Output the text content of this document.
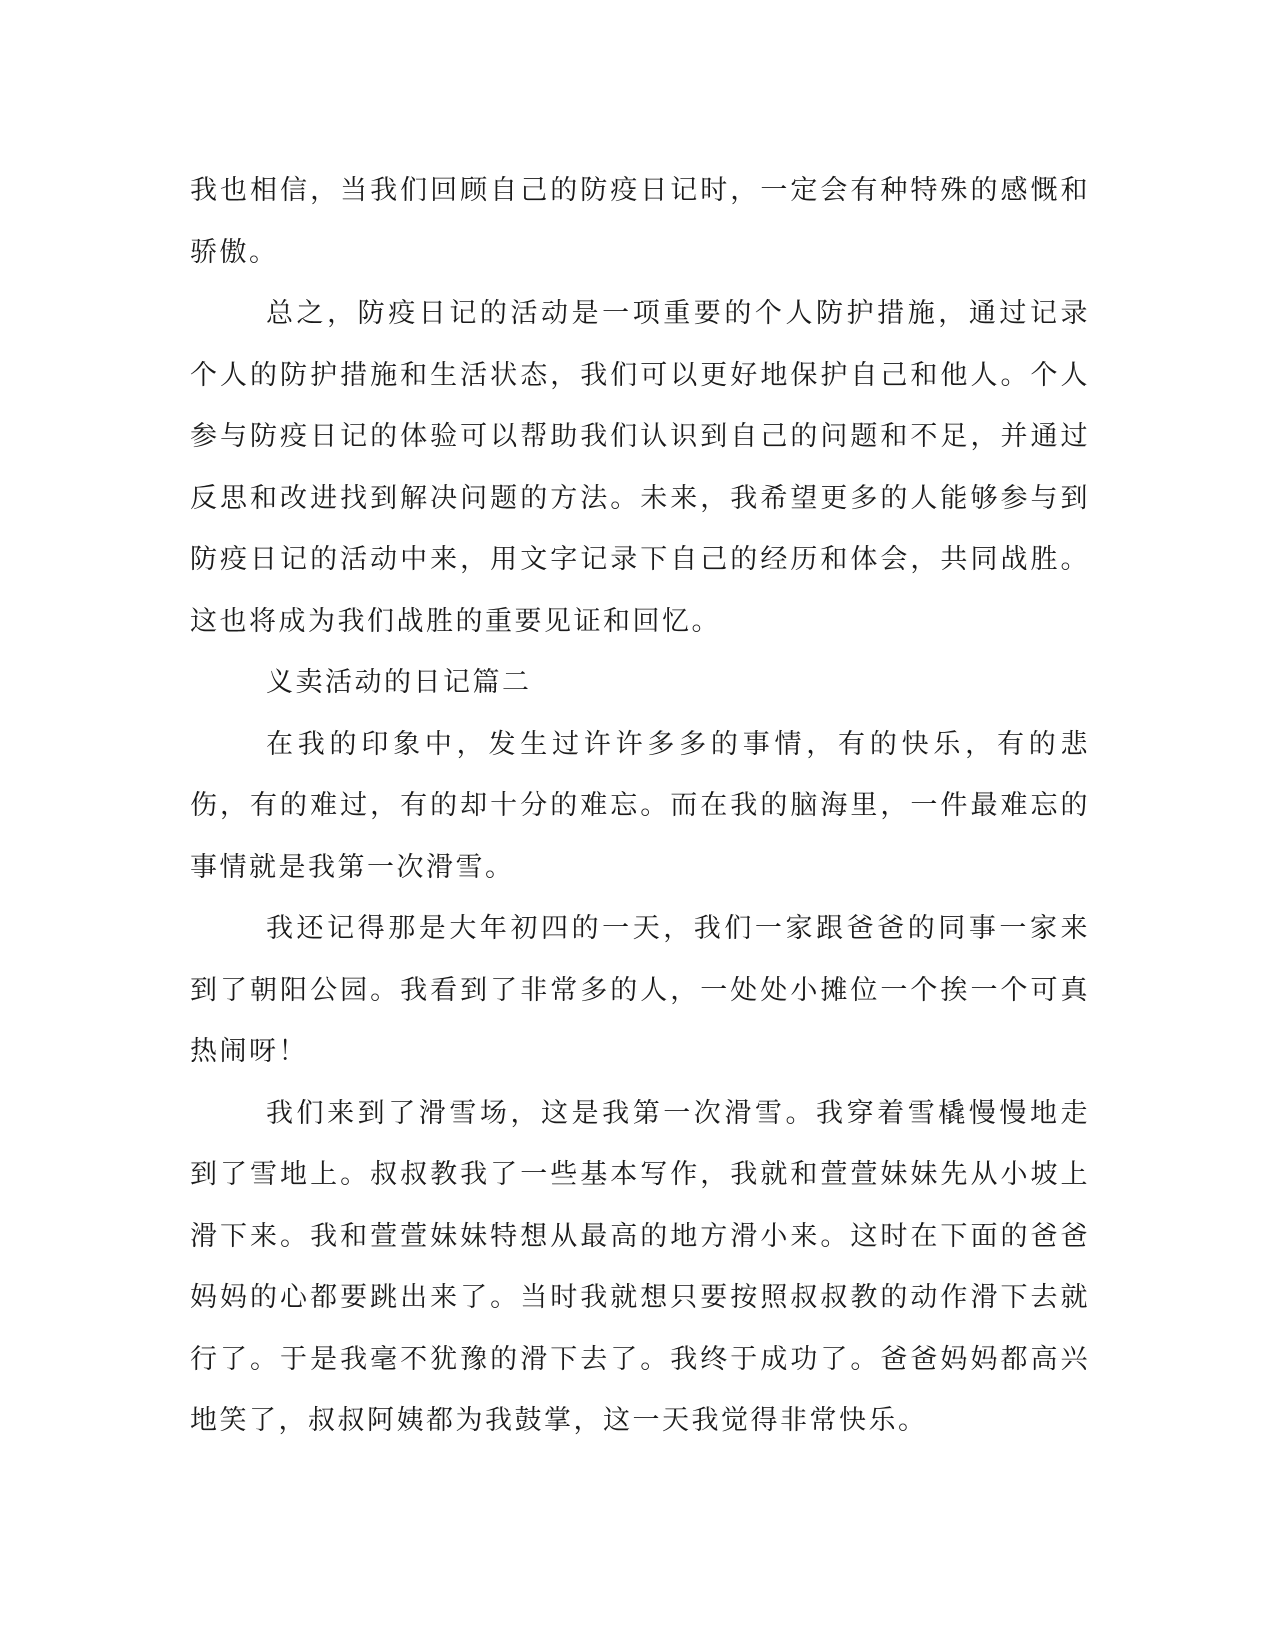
我也相信，当我们回顾自己的防疫日记时，一定会有种特殊的感慨和骄傲。

总之，防疫日记的活动是一项重要的个人防护措施，通过记录个人的防护措施和生活状态，我们可以更好地保护自己和他人。个人参与防疫日记的体验可以帮助我们认识到自己的问题和不足，并通过反思和改进找到解决问题的方法。未来，我希望更多的人能够参与到防疫日记的活动中来，用文字记录下自己的经历和体会，共同战胜。这也将成为我们战胜的重要见证和回忆。

义卖活动的日记篇二

在我的印象中，发生过许许多多的事情，有的快乐，有的悲伤，有的难过，有的却十分的难忘。而在我的脑海里，一件最难忘的事情就是我第一次滑雪。

我还记得那是大年初四的一天，我们一家跟爸爸的同事一家来到了朝阳公园。我看到了非常多的人，一处处小摊位一个挨一个可真热闹呀！

我们来到了滑雪场，这是我第一次滑雪。我穿着雪橇慢慢地走到了雪地上。叔叔教我了一些基本写作，我就和萱萱妹妹先从小坡上滑下来。我和萱萱妹妹特想从最高的地方滑小来。这时在下面的爸爸妈妈的心都要跳出来了。当时我就想只要按照叔叔教的动作滑下去就行了。于是我毫不犹豫的滑下去了。我终于成功了。爸爸妈妈都高兴地笑了，叔叔阿姨都为我鼓掌，这一天我觉得非常快乐。
